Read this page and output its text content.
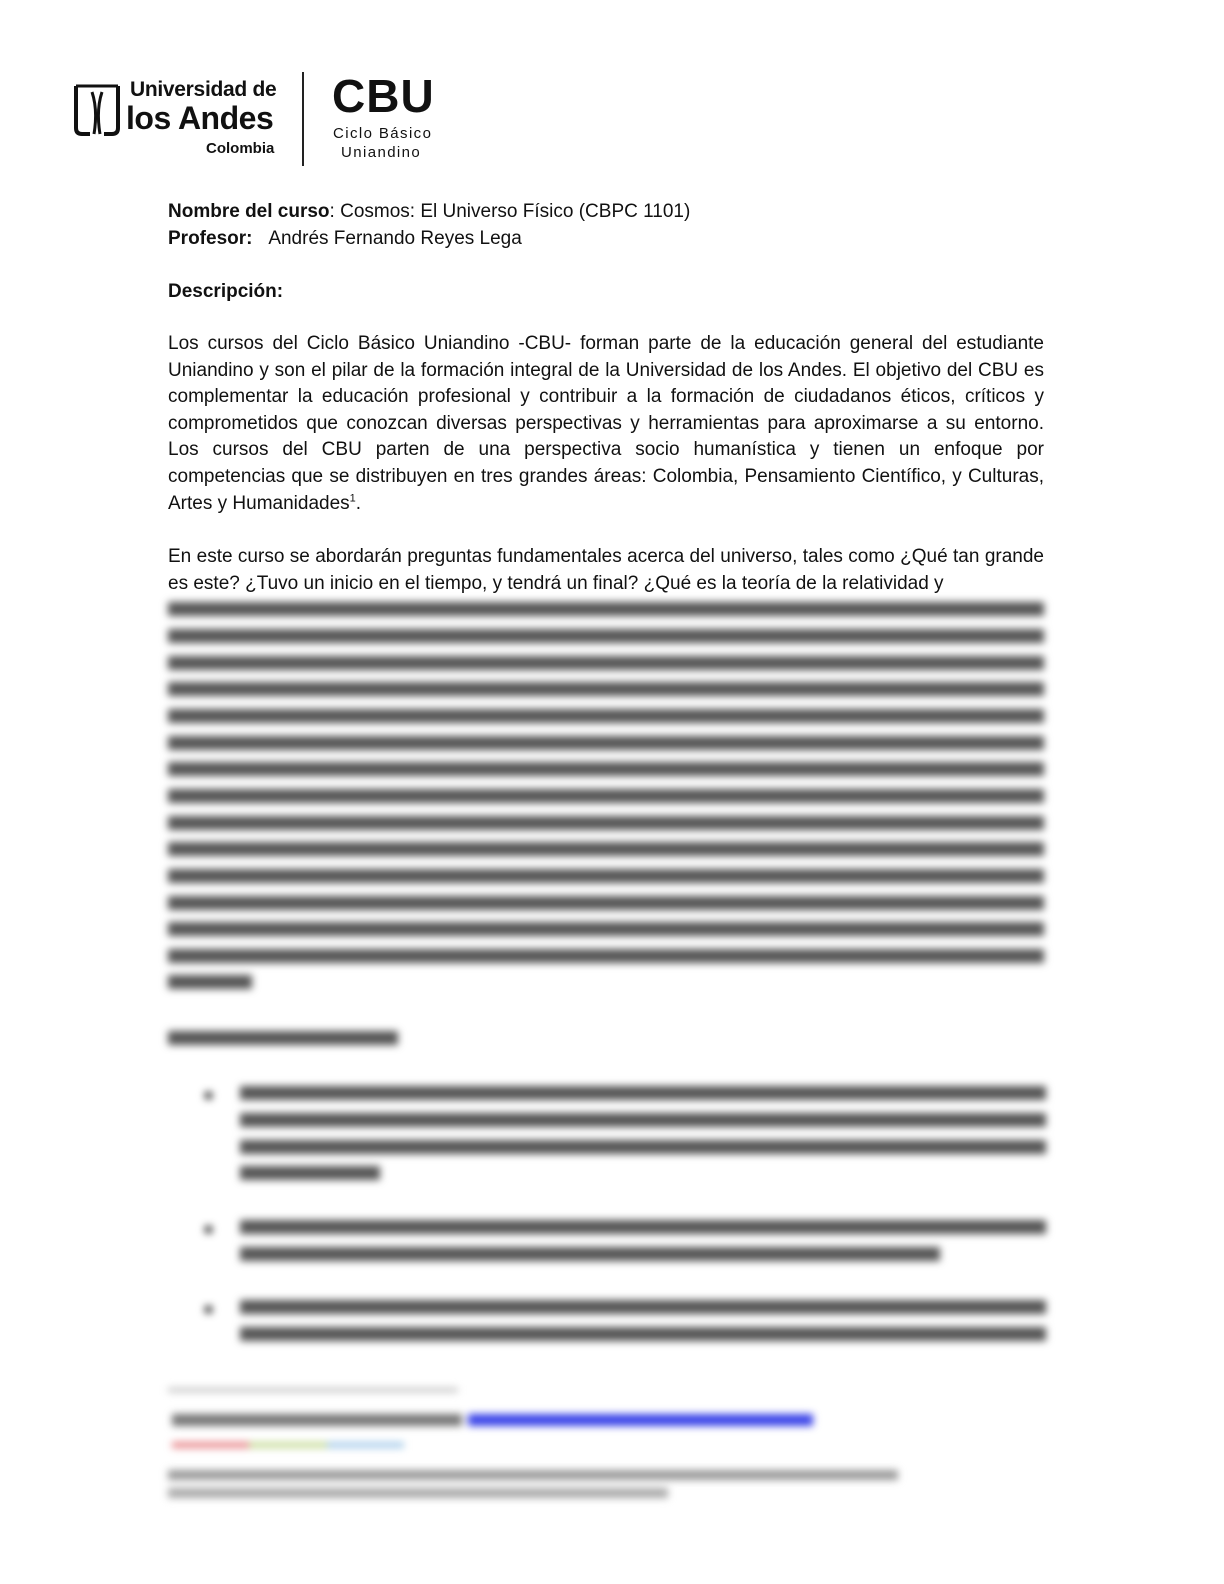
Universidad de
los Andes
Colombia
CBU
Ciclo Básico
Uniandino
Nombre del curso: Cosmos: El Universo Físico (CBPC 1101)
Profesor: Andrés Fernando Reyes Lega
Descripción:
Los cursos del Ciclo Básico Uniandino -CBU- forman parte de la educación general del estudiante Uniandino y son el pilar de la formación integral de la Universidad de los Andes. El objetivo del CBU es complementar la educación profesional y contribuir a la formación de ciudadanos éticos, críticos y comprometidos que conozcan diversas perspectivas y herramientas para aproximarse a su entorno. Los cursos del CBU parten de una perspectiva socio humanística y tienen un enfoque por competencias que se distribuyen en tres grandes áreas: Colombia, Pensamiento Científico, y Culturas, Artes y Humanidades$^1$.
En este curso se abordarán preguntas fundamentales acerca del universo, tales como ¿Qué tan grande es este? ¿Tuvo un inicio en el tiempo, y tendrá un final? ¿Qué es la teoría de la relatividad y
